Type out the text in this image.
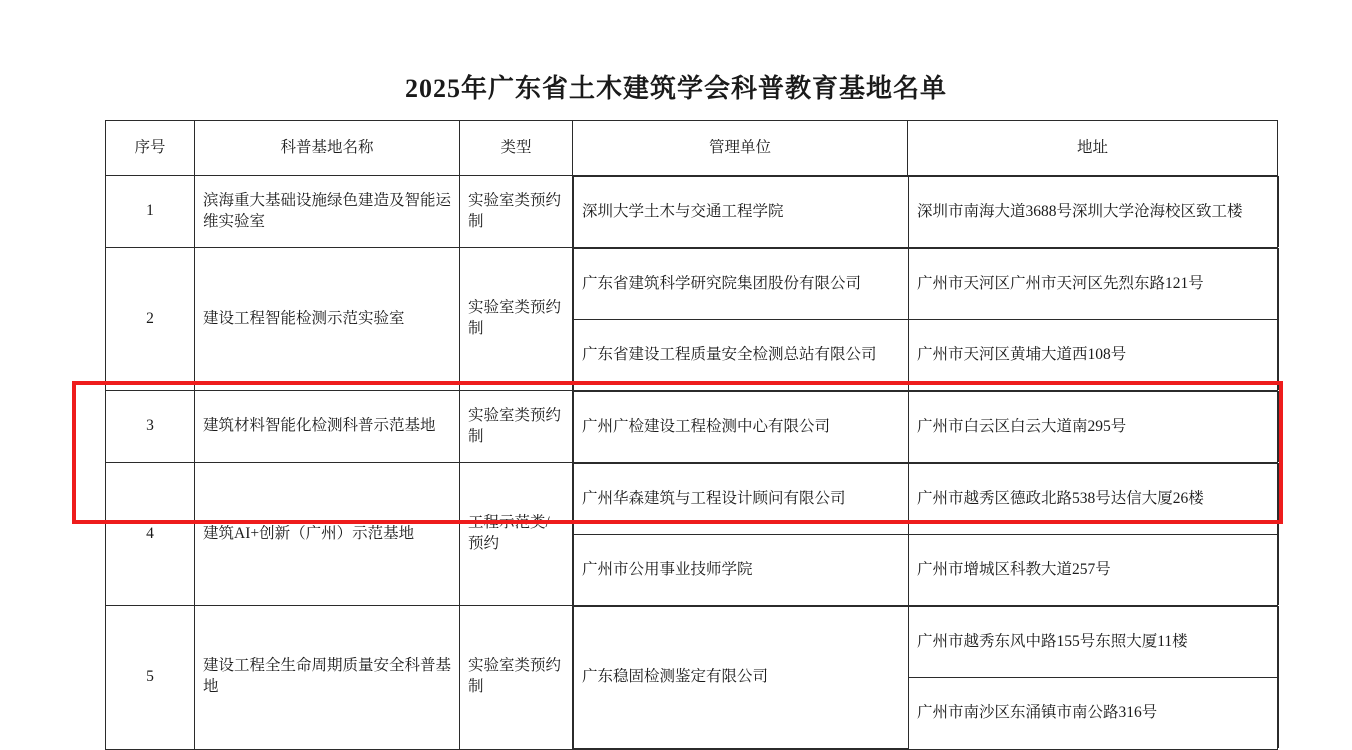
2025年广东省土木建筑学会科普教育基地名单
序号	科普基地名称	类型	管理单位	地址
1	滨海重大基础设施绿色建造及智能运维实验室	实验室类预约制	
深圳大学土木与交通工程学院	深圳市南海大道3688号深圳大学沧海校区致工楼

2	建设工程智能检测示范实验室	实验室类预约制	
广东省建筑科学研究院集团股份有限公司	广州市天河区广州市天河区先烈东路121号
广东省建设工程质量安全检测总站有限公司	广州市天河区黄埔大道西108号

3	建筑材料智能化检测科普示范基地	实验室类预约制	
广州广检建设工程检测中心有限公司	广州市白云区白云大道南295号

4	建筑AI+创新（广州）示范基地	工程示范类/预约	
广州华森建筑与工程设计顾问有限公司	广州市越秀区德政北路538号达信大厦26楼
广州市公用事业技师学院	广州市增城区科教大道257号

5	建设工程全生命周期质量安全科普基地	实验室类预约制	
广东稳固检测鉴定有限公司	广州市越秀东风中路155号东照大厦11楼
广州市南沙区东涌镇市南公路316号
